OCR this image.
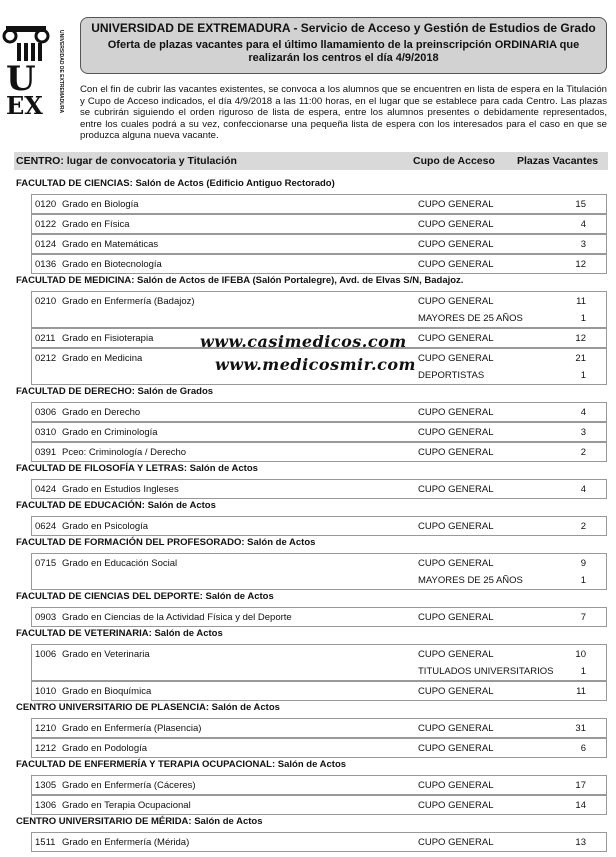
U
EX	UNIVERSIDAD DE EXTREMADURA
UNIVERSIDAD DE EXTREMADURA - Servicio de Acceso y Gestión de Estudios de Grado
Oferta de plazas vacantes para el último llamamiento de la preinscripción ORDINARIA que realizarán los centros el día 4/9/2018
Con el fin de cubrir las vacantes existentes, se convoca a los alumnos que se encuentren en lista de espera en la Titulación y Cupo de Acceso indicados, el día 4/9/2018 a las 11:00 horas, en el lugar que se establece para cada Centro. Las plazas se cubrirán siguiendo el orden riguroso de lista de espera, entre los alumnos presentes o debidamente representados, entre los cuales podrá a su vez, confeccionarse una pequeña lista de espera con los interesados para el caso en que se produzca alguna nueva vacante.
CENTRO: lugar de convocatoria y Titulación	Cupo de Acceso Plazas Vacantes
FACULTAD DE CIENCIAS: Salón de Actos (Edificio Antiguo Rectorado)
0120 Grado en Biología	CUPO GENERAL	15
0122 Grado en Física	CUPO GENERAL	4
0124 Grado en Matemáticas	CUPO GENERAL	3
0136 Grado en Biotecnología	CUPO GENERAL	12
FACULTAD DE MEDICINA: Salón de Actos de IFEBA (Salón Portalegre), Avd. de Elvas S/N, Badajoz.
0210 Grado en Enfermería (Badajoz)	CUPO GENERAL	11
MAYORES DE 25 AÑOS	1
0211 Grado en Fisioterapia	CUPO GENERAL	12
0212 Grado en Medicina	CUPO GENERAL	21
DEPORTISTAS	1
FACULTAD DE DERECHO: Salón de Grados
0306 Grado en Derecho	CUPO GENERAL	4
0310 Grado en Criminología	CUPO GENERAL	3
0391 Pceo: Criminología / Derecho	CUPO GENERAL	2
FACULTAD DE FILOSOFÍA Y LETRAS: Salón de Actos
0424 Grado en Estudios Ingleses	CUPO GENERAL	4
FACULTAD DE EDUCACIÓN: Salón de Actos
0624 Grado en Psicología	CUPO GENERAL	2
FACULTAD DE FORMACIÓN DEL PROFESORADO: Salón de Actos
0715 Grado en Educación Social	CUPO GENERAL	9
MAYORES DE 25 AÑOS	1
FACULTAD DE CIENCIAS DEL DEPORTE: Salón de Actos
0903 Grado en Ciencias de la Actividad Física y del Deporte	CUPO GENERAL	7
FACULTAD DE VETERINARIA: Salón de Actos
1006 Grado en Veterinaria	CUPO GENERAL	10
TITULADOS UNIVERSITARIOS	1
1010 Grado en Bioquímica	CUPO GENERAL	11
CENTRO UNIVERSITARIO DE PLASENCIA: Salón de Actos
1210 Grado en Enfermería (Plasencia)	CUPO GENERAL	31
1212 Grado en Podología	CUPO GENERAL	6
FACULTAD DE ENFERMERÍA Y TERAPIA OCUPACIONAL: Salón de Actos
1305 Grado en Enfermería (Cáceres)	CUPO GENERAL	17
1306 Grado en Terapia Ocupacional	CUPO GENERAL	14
CENTRO UNIVERSITARIO DE MÉRIDA: Salón de Actos
1511 Grado en Enfermería (Mérida)	CUPO GENERAL	13
www.casimedicos.com
www.medicosmir.com
